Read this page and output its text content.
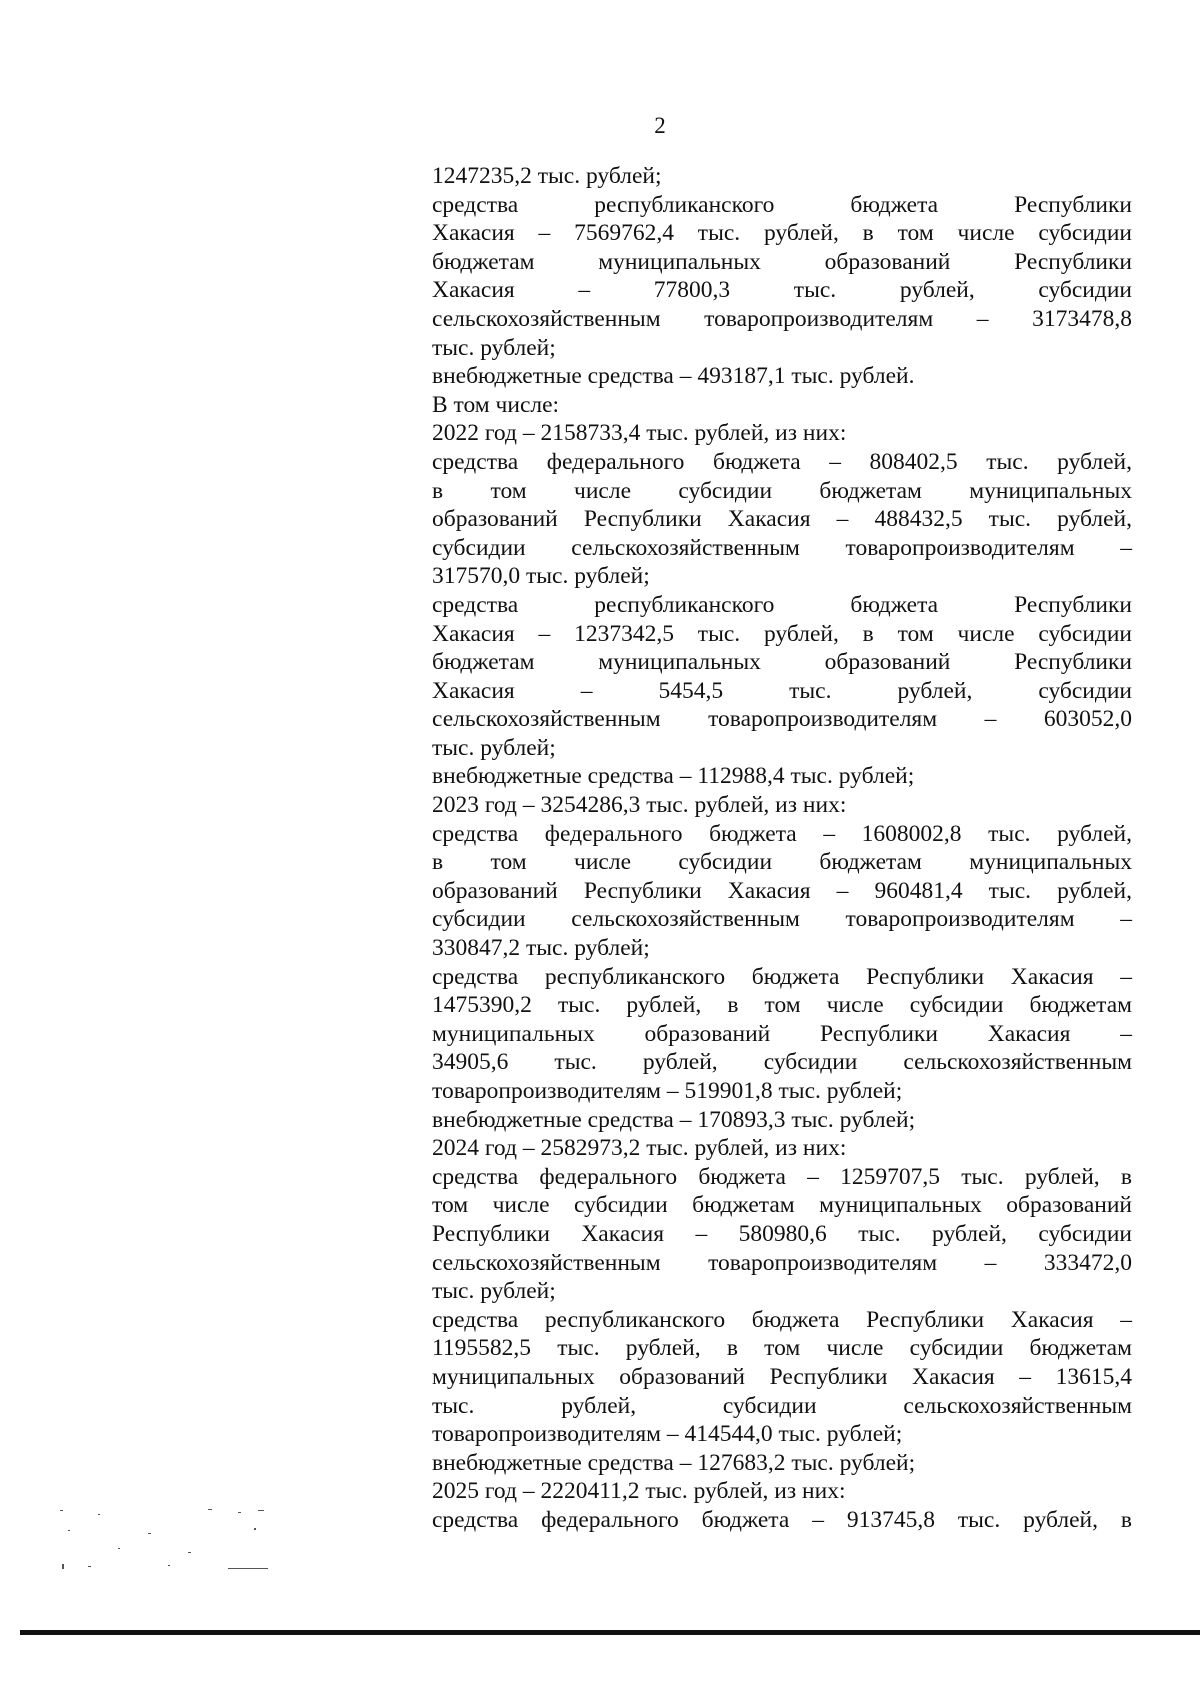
2
1247235,2 тыс. рублей;
средства республиканского бюджета Республики
Хакасия – 7569762,4 тыс. рублей, в том числе субсидии
бюджетам муниципальных образований Республики
Хакасия – 77800,3 тыс. рублей, субсидии
сельскохозяйственным товаропроизводителям – 3173478,8
тыс. рублей;
внебюджетные средства – 493187,1 тыс. рублей.
В том числе:
2022 год – 2158733,4 тыс. рублей, из них:
средства федерального бюджета – 808402,5 тыс. рублей,
в том числе субсидии бюджетам муниципальных
образований Республики Хакасия – 488432,5 тыс. рублей,
субсидии сельскохозяйственным товаропроизводителям –
317570,0 тыс. рублей;
средства республиканского бюджета Республики
Хакасия – 1237342,5 тыс. рублей, в том числе субсидии
бюджетам муниципальных образований Республики
Хакасия – 5454,5 тыс. рублей, субсидии
сельскохозяйственным товаропроизводителям – 603052,0
тыс. рублей;
внебюджетные средства – 112988,4 тыс. рублей;
2023 год – 3254286,3 тыс. рублей, из них:
средства федерального бюджета – 1608002,8 тыс. рублей,
в том числе субсидии бюджетам муниципальных
образований Республики Хакасия – 960481,4 тыс. рублей,
субсидии сельскохозяйственным товаропроизводителям –
330847,2 тыс. рублей;
средства республиканского бюджета Республики Хакасия –
1475390,2 тыс. рублей, в том числе субсидии бюджетам
муниципальных образований Республики Хакасия –
34905,6 тыс. рублей, субсидии сельскохозяйственным
товаропроизводителям – 519901,8 тыс. рублей;
внебюджетные средства – 170893,3 тыс. рублей;
2024 год – 2582973,2 тыс. рублей, из них:
средства федерального бюджета – 1259707,5 тыс. рублей, в
том числе субсидии бюджетам муниципальных образований
Республики Хакасия – 580980,6 тыс. рублей, субсидии
сельскохозяйственным товаропроизводителям – 333472,0
тыс. рублей;
средства республиканского бюджета Республики Хакасия –
1195582,5 тыс. рублей, в том числе субсидии бюджетам
муниципальных образований Республики Хакасия – 13615,4
тыс. рублей, субсидии сельскохозяйственным
товаропроизводителям – 414544,0 тыс. рублей;
внебюджетные средства – 127683,2 тыс. рублей;
2025 год – 2220411,2 тыс. рублей, из них:
средства федерального бюджета – 913745,8 тыс. рублей, в
